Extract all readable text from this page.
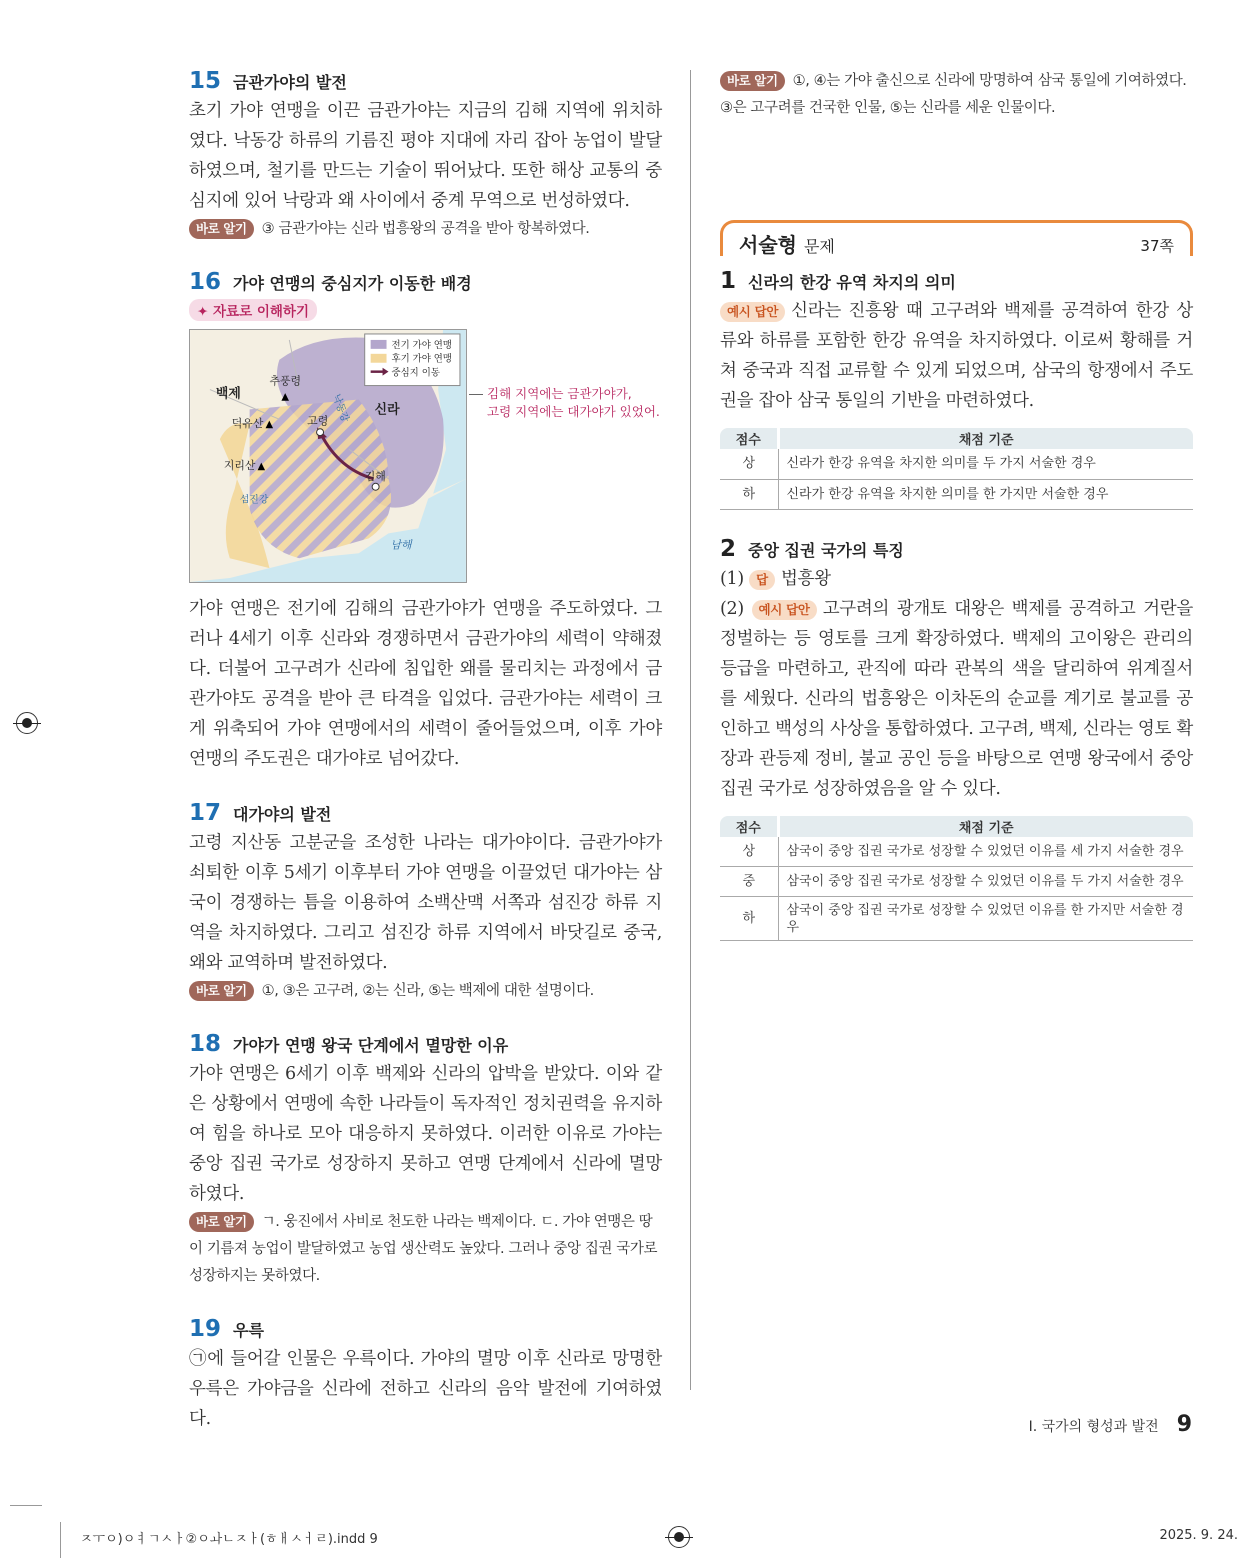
15 금관가야의 발전

초기 가야 연맹을 이끈 금관가야는 지금의 김해 지역에 위치하였다. 낙동강 하류의 기름진 평야 지대에 자리 잡아 농업이 발달하였으며, 철기를 만드는 기술이 뛰어났다. 또한 해상 교통의 중심지에 있어 낙랑과 왜 사이에서 중계 무역으로 번성하였다.

바로 알기 ③ 금관가야는 신라 법흥왕의 공격을 받아 항복하였다.
16 가야 연맹의 중심지가 이동한 배경
✦ 자료로 이해하기
전기 가야 연맹
후기 가야 연맹
중심지 이동
백제
신라
추풍령
▲
덕유산 ▲
지리산 ▲
고령
김해
낙동강
섬진강
남해
김해 지역에는 금관가야가,
고령 지역에는 대가야가 있었어.

가야 연맹은 전기에 김해의 금관가야가 연맹을 주도하였다. 그러나 4세기 이후 신라와 경쟁하면서 금관가야의 세력이 약해졌다. 더불어 고구려가 신라에 침입한 왜를 물리치는 과정에서 금관가야도 공격을 받아 큰 타격을 입었다. 금관가야는 세력이 크게 위축되어 가야 연맹에서의 세력이 줄어들었으며, 이후 가야 연맹의 주도권은 대가야로 넘어갔다.

17 대가야의 발전

고령 지산동 고분군을 조성한 나라는 대가야이다. 금관가야가 쇠퇴한 이후 5세기 이후부터 가야 연맹을 이끌었던 대가야는 삼국이 경쟁하는 틈을 이용하여 소백산맥 서쪽과 섬진강 하류 지역을 차지하였다. 그리고 섬진강 하류 지역에서 바닷길로 중국, 왜와 교역하며 발전하였다.

바로 알기 ①, ③은 고구려, ②는 신라, ⑤는 백제에 대한 설명이다.
18 가야가 연맹 왕국 단계에서 멸망한 이유

가야 연맹은 6세기 이후 백제와 신라의 압박을 받았다. 이와 같은 상황에서 연맹에 속한 나라들이 독자적인 정치권력을 유지하여 힘을 하나로 모아 대응하지 못하였다. 이러한 이유로 가야는 중앙 집권 국가로 성장하지 못하고 연맹 단계에서 신라에 멸망하였다.

바로 알기 ㄱ. 웅진에서 사비로 천도한 나라는 백제이다. ㄷ. 가야 연맹은 땅이 기름져 농업이 발달하였고 농업 생산력도 높았다. 그러나 중앙 집권 국가로 성장하지는 못하였다.
19 우륵

㉠에 들어갈 인물은 우륵이다. 가야의 멸망 이후 신라로 망명한 우륵은 가야금을 신라에 전하고 신라의 음악 발전에 기여하였다.

바로 알기 ①, ④는 가야 출신으로 신라에 망명하여 삼국 통일에 기여하였다. ③은 고구려를 건국한 인물, ⑤는 신라를 세운 인물이다.
서술형 문제	37쪽
1 신라의 한강 유역 차지의 의미

예시 답안 신라는 진흥왕 때 고구려와 백제를 공격하여 한강 상류와 하류를 포함한 한강 유역을 차지하였다. 이로써 황해를 거쳐 중국과 직접 교류할 수 있게 되었으며, 삼국의 항쟁에서 주도권을 잡아 삼국 통일의 기반을 마련하였다.

점수	채점 기준
상	신라가 한강 유역을 차지한 의미를 두 가지 서술한 경우
하	신라가 한강 유역을 차지한 의미를 한 가지만 서술한 경우
2 중앙 집권 국가의 특징

(1) 답 법흥왕

(2) 예시 답안 고구려의 광개토 대왕은 백제를 공격하고 거란을 정벌하는 등 영토를 크게 확장하였다. 백제의 고이왕은 관리의 등급을 마련하고, 관직에 따라 관복의 색을 달리하여 위계질서를 세웠다. 신라의 법흥왕은 이차돈의 순교를 계기로 불교를 공인하고 백성의 사상을 통합하였다. 고구려, 백제, 신라는 영토 확장과 관등제 정비, 불교 공인 등을 바탕으로 연맹 왕국에서 중앙 집권 국가로 성장하였음을 알 수 있다.

점수	채점 기준
상	삼국이 중앙 집권 국가로 성장할 수 있었던 이유를 세 가지 서술한 경우
중	삼국이 중앙 집권 국가로 성장할 수 있었던 이유를 두 가지 서술한 경우
하	삼국이 중앙 집권 국가로 성장할 수 있었던 이유를 한 가지만 서술한 경우
Ⅰ. 국가의 형성과 발전 9
ㅈㅜㅇ)ㅇㅕㄱㅅㅏ②ㅇㅘㄴㅈㅏ(ㅎㅐㅅㅓㄹ).indd 9	2025. 9. 24.
